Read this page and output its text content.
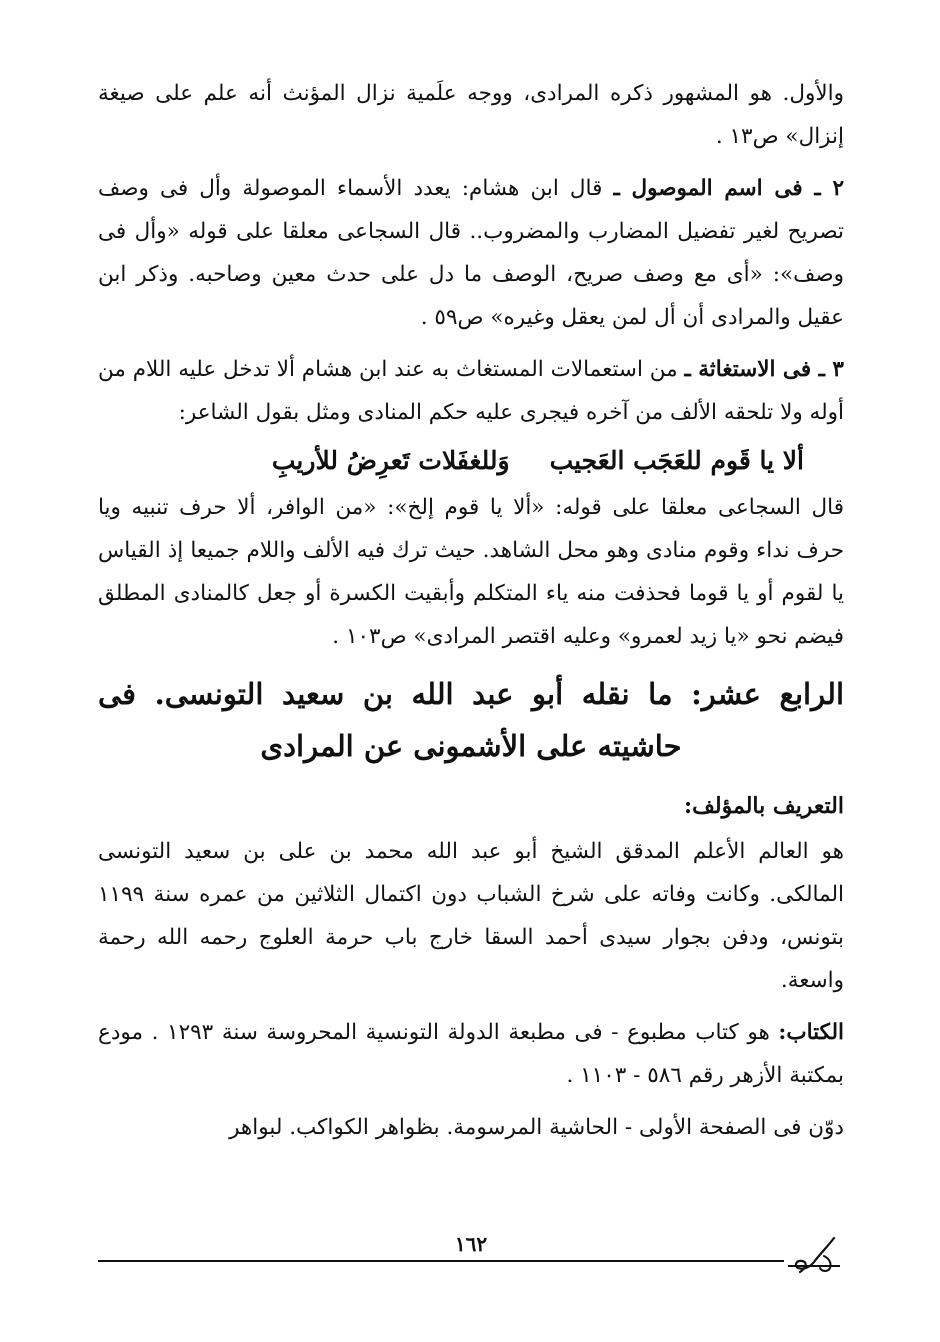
والأول. هو المشهور ذكره المرادى، ووجه علَمية نزال المؤنث أنه علم على صيغة إنزال» ص١٣ .

٢ ـ فى اسم الموصول ـ قال ابن هشام: يعدد الأسماء الموصولة وأل فى وصف تصريح لغير تفضيل المضارب والمضروب.. قال السجاعى معلقا على قوله «وأل فى وصف»: «أى مع وصف صريح، الوصف ما دل على حدث معين وصاحبه. وذكر ابن عقيل والمرادى أن أل لمن يعقل وغيره» ص٥٩ .

٣ ـ فى الاستغاثة ـ من استعمالات المستغاث به عند ابن هشام ألا تدخل عليه اللام من أوله ولا تلحقه الألف من آخره فيجرى عليه حكم المنادى ومثل بقول الشاعر:

ألا يا قَوم للعَجَب العَجيب
وَللغفَلات تَعرِضُ للأريبِ

قال السجاعى معلقا على قوله: «ألا يا قوم إلخ»: «من الوافر، ألا حرف تنبيه ويا حرف نداء وقوم منادى وهو محل الشاهد. حيث ترك فيه الألف واللام جميعا إذ القياس يا لقوم أو يا قوما فحذفت منه ياء المتكلم وأبقيت الكسرة أو جعل كالمنادى المطلق فيضم نحو «يا زيد لعمرو» وعليه اقتصر المرادى» ص١٠٣ .

الرابع عشر: ما نقله أبو عبد الله بن سعيد التونسى. فى حاشيته على الأشمونى عن المرادى
التعريف بالمؤلف:

هو العالم الأعلم المدقق الشيخ أبو عبد الله محمد بن على بن سعيد التونسى المالكى. وكانت وفاته على شرخ الشباب دون اكتمال الثلاثين من عمره سنة ١١٩٩ بتونس، ودفن بجوار سيدى أحمد السقا خارج باب حرمة العلوج رحمه الله رحمة واسعة.

الكتاب: هو كتاب مطبوع - فى مطبعة الدولة التونسية المحروسة سنة ١٢٩٣ . مودع بمكتبة الأزهر رقم ٥٨٦ - ١١٠٣ .

دوّن فى الصفحة الأولى - الحاشية المرسومة. بظواهر الكواكب. لبواهر

١٦٢
